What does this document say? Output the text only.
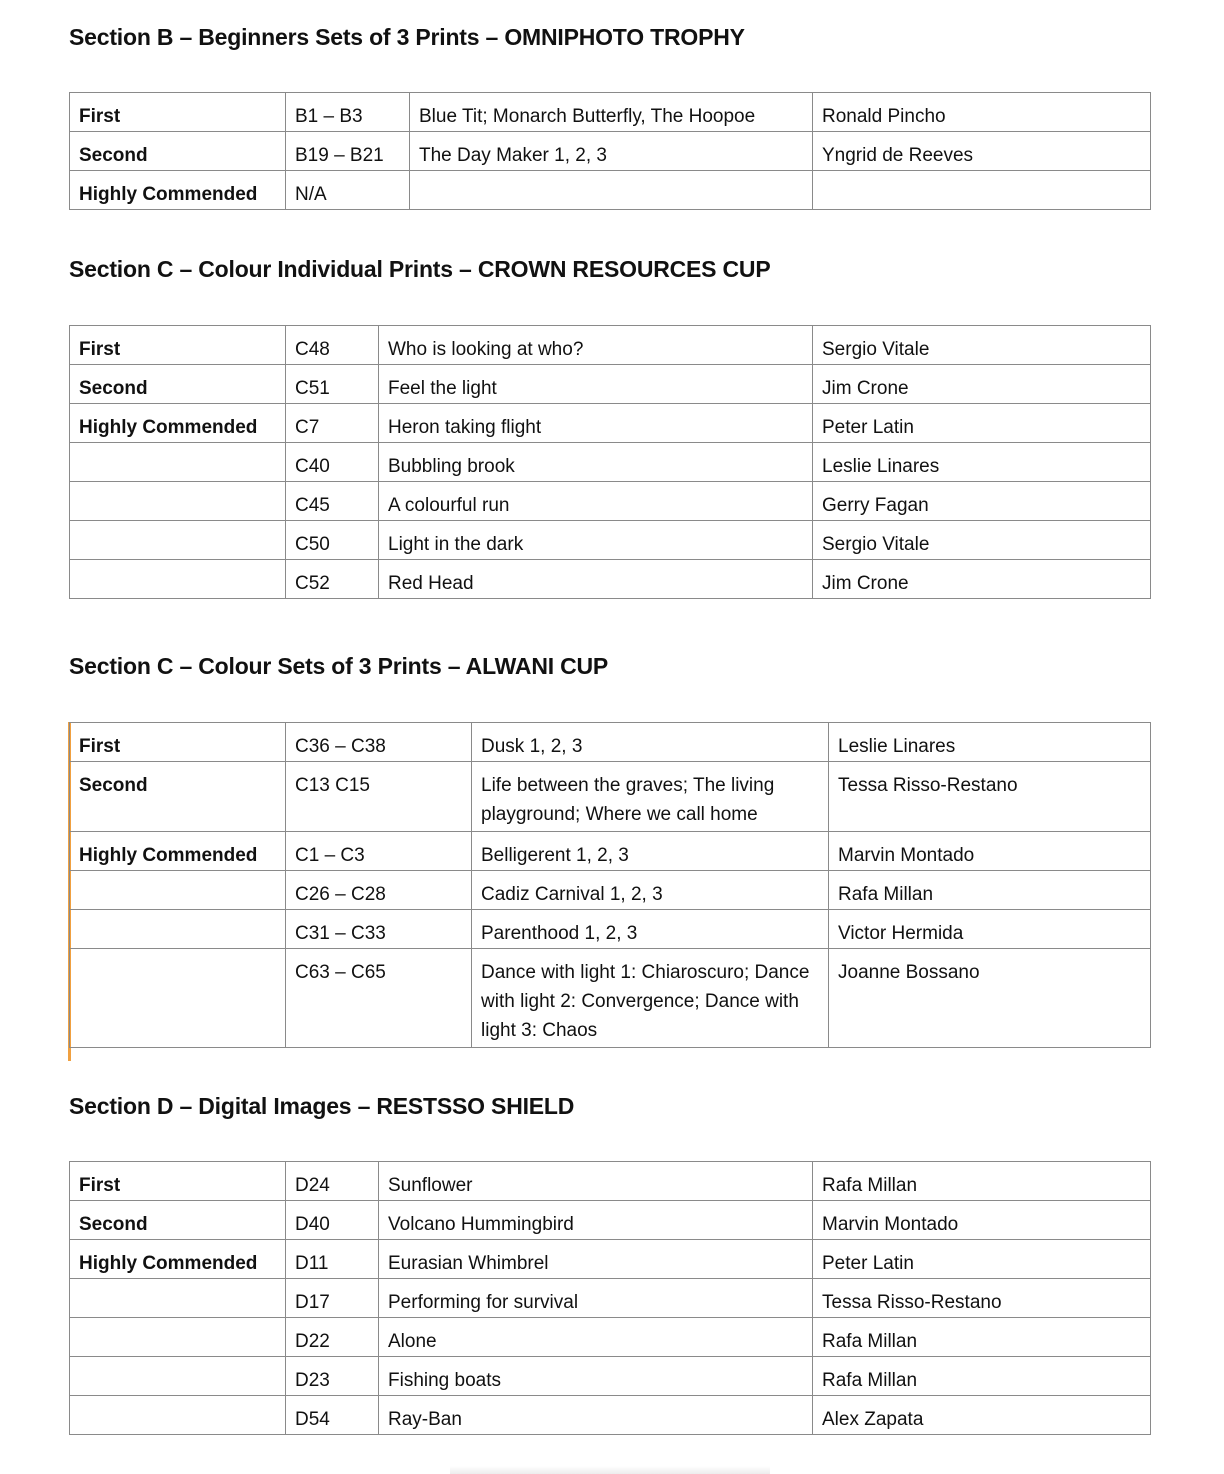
Section B – Beginners Sets of 3 Prints – OMNIPHOTO TROPHY
First	B1 – B3	Blue Tit; Monarch Butterfly, The Hoopoe	Ronald Pincho
Second	B19 – B21	The Day Maker 1, 2, 3	Yngrid de Reeves
Highly Commended	N/A		
Section C – Colour Individual Prints – CROWN RESOURCES CUP
First	C48	Who is looking at who?	Sergio Vitale
Second	C51	Feel the light	Jim Crone
Highly Commended	C7	Heron taking flight	Peter Latin
	C40	Bubbling brook	Leslie Linares
	C45	A colourful run	Gerry Fagan
	C50	Light in the dark	Sergio Vitale
	C52	Red Head	Jim Crone
Section C – Colour Sets of 3 Prints – ALWANI CUP
First	C36 – C38	Dusk 1, 2, 3	Leslie Linares
Second	C13 C15	Life between the graves; The living playground; Where we call home	Tessa Risso-Restano
Highly Commended	C1 – C3	Belligerent 1, 2, 3	Marvin Montado
	C26 – C28	Cadiz Carnival 1, 2, 3	Rafa Millan
	C31 – C33	Parenthood 1, 2, 3	Victor Hermida
	C63 – C65	Dance with light 1: Chiaroscuro; Dance with light 2: Convergence; Dance with light 3: Chaos	Joanne Bossano
Section D – Digital Images – RESTSSO SHIELD
First	D24	Sunflower	Rafa Millan
Second	D40	Volcano Hummingbird	Marvin Montado
Highly Commended	D11	Eurasian Whimbrel	Peter Latin
	D17	Performing for survival	Tessa Risso-Restano
	D22	Alone	Rafa Millan
	D23	Fishing boats	Rafa Millan
	D54	Ray-Ban	Alex Zapata
